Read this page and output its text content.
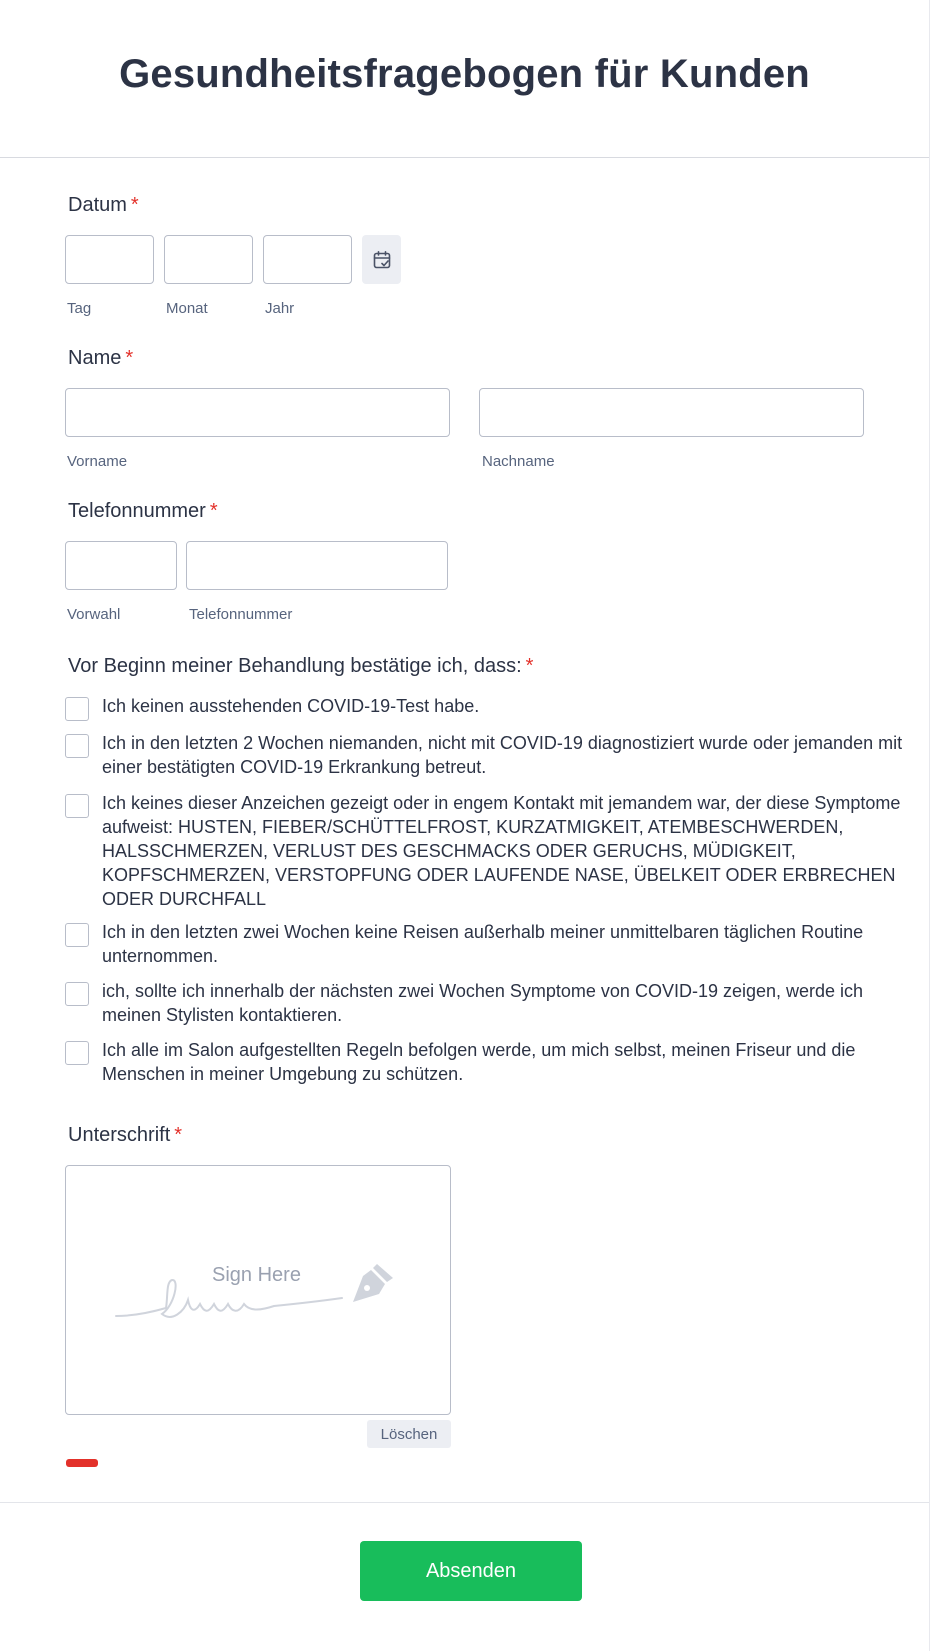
Gesundheitsfragebogen für Kunden

Datum *

Tag	Monat	Jahr

Name *

Vorname	Nachname

Telefonnummer *

Vorwahl	Telefonnummer

Vor Beginn meiner Behandlung bestätige ich, dass: *

Ich keinen ausstehenden COVID-19-Test habe.
Ich in den letzten 2 Wochen niemanden, nicht mit COVID-19 diagnostiziert wurde oder jemanden mit einer bestätigten COVID-19 Erkrankung betreut.
Ich keines dieser Anzeichen gezeigt oder in engem Kontakt mit jemandem war, der diese Symptome aufweist: HUSTEN, FIEBER/SCHÜTTELFROST, KURZATMIGKEIT, ATEMBESCHWERDEN, HALSSCHMERZEN, VERLUST DES GESCHMACKS ODER GERUCHS, MÜDIGKEIT, KOPFSCHMERZEN, VERSTOPFUNG ODER LAUFENDE NASE, ÜBELKEIT ODER ERBRECHEN ODER DURCHFALL
Ich in den letzten zwei Wochen keine Reisen außerhalb meiner unmittelbaren täglichen Routine unternommen.
ich, sollte ich innerhalb der nächsten zwei Wochen Symptome von COVID-19 zeigen, werde ich meinen Stylisten kontaktieren.
Ich alle im Salon aufgestellten Regeln befolgen werde, um mich selbst, meinen Friseur und die Menschen in meiner Umgebung zu schützen.

Unterschrift *

Sign Here
Löschen
Absenden
